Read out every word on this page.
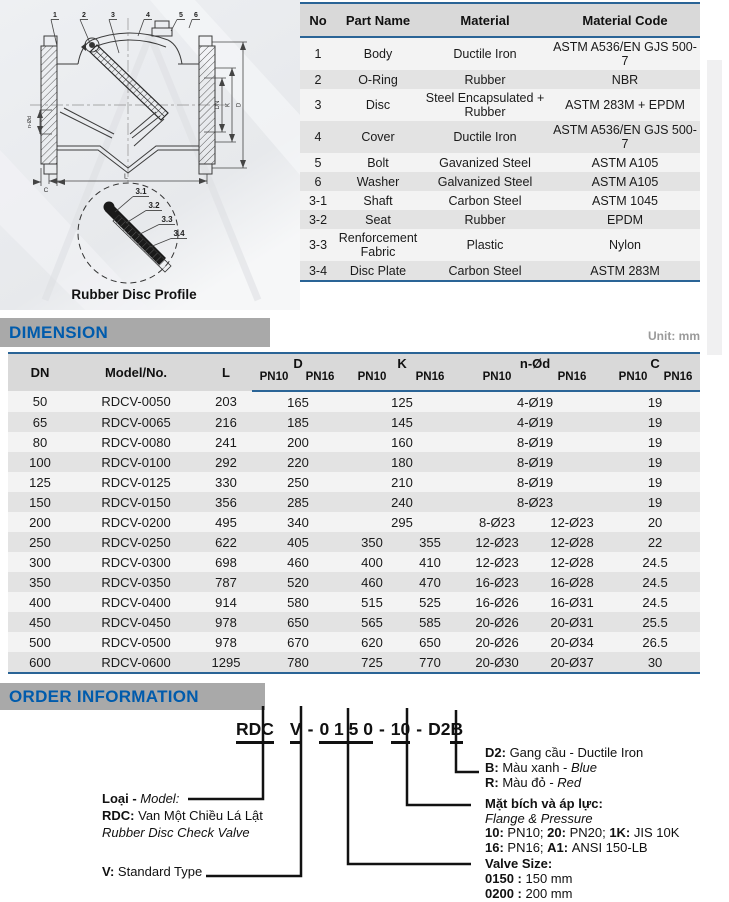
DN K D
L
n-Ød
C
1	2	3	4	5 6
3.1
3.2
3.3
3.4
Rubber Disc Profile
No	Part Name	Material	Material Code
1	Body	Ductile Iron	ASTM A536/EN GJS 500-7
2	O-Ring	Rubber	NBR
3	Disc	Steel Encapsulated + Rubber	ASTM 283M + EPDM
4	Cover	Ductile Iron	ASTM A536/EN GJS 500-7
5	Bolt	Gavanized Steel	ASTM A105
6	Washer	Galvanized Steel	ASTM A105
3-1	Shaft	Carbon Steel	ASTM 1045
3-2	Seat	Rubber	EPDM
3-3	Renforcement Fabric	Plastic	Nylon
3-4	Disc Plate	Carbon Steel	ASTM 283M
DIMENSION	Unit: mm
DN	Model/No.	L	D		K		n-Ød		C	
			PN10	PN16	PN10	PN16	PN10	PN16	PN10	PN16
50	RDCV-0050	203	165		125		4-Ø19		19	
65	RDCV-0065	216	185		145		4-Ø19		19	
80	RDCV-0080	241	200		160		8-Ø19		19	
100	RDCV-0100	292	220		180		8-Ø19		19	
125	RDCV-0125	330	250		210		8-Ø19		19	
150	RDCV-0150	356	285		240		8-Ø23		19	
200	RDCV-0200	495	340		295		8-Ø23	12-Ø23	20	
250	RDCV-0250	622	405		350	355	12-Ø23	12-Ø28	22	
300	RDCV-0300	698	460		400	410	12-Ø23	12-Ø28	24.5	
350	RDCV-0350	787	520		460	470	16-Ø23	16-Ø28	24.5	
400	RDCV-0400	914	580		515	525	16-Ø26	16-Ø31	24.5	
450	RDCV-0450	978	650		565	585	20-Ø26	20-Ø31	25.5	
500	RDCV-0500	978	670		620	650	20-Ø26	20-Ø34	26.5	
600	RDCV-0600	1295	780		725	770	20-Ø30	20-Ø37	30	
ORDER INFORMATION
RDC V - 0 1 5 0 - 10 - D2B
Loại - Model:
RDC: Van Một Chiều Lá Lật
Rubber Disc Check Valve
V: Standard Type
D2: Gang cầu - Ductile Iron
B: Màu xanh - Blue
R: Màu đỏ - Red
Mặt bích và áp lực:
Flange & Pressure
10: PN10; 20: PN20; 1K: JIS 10K
16: PN16; A1: ANSI 150-LB
Valve Size:
0150 : 150 mm
0200 : 200 mm
